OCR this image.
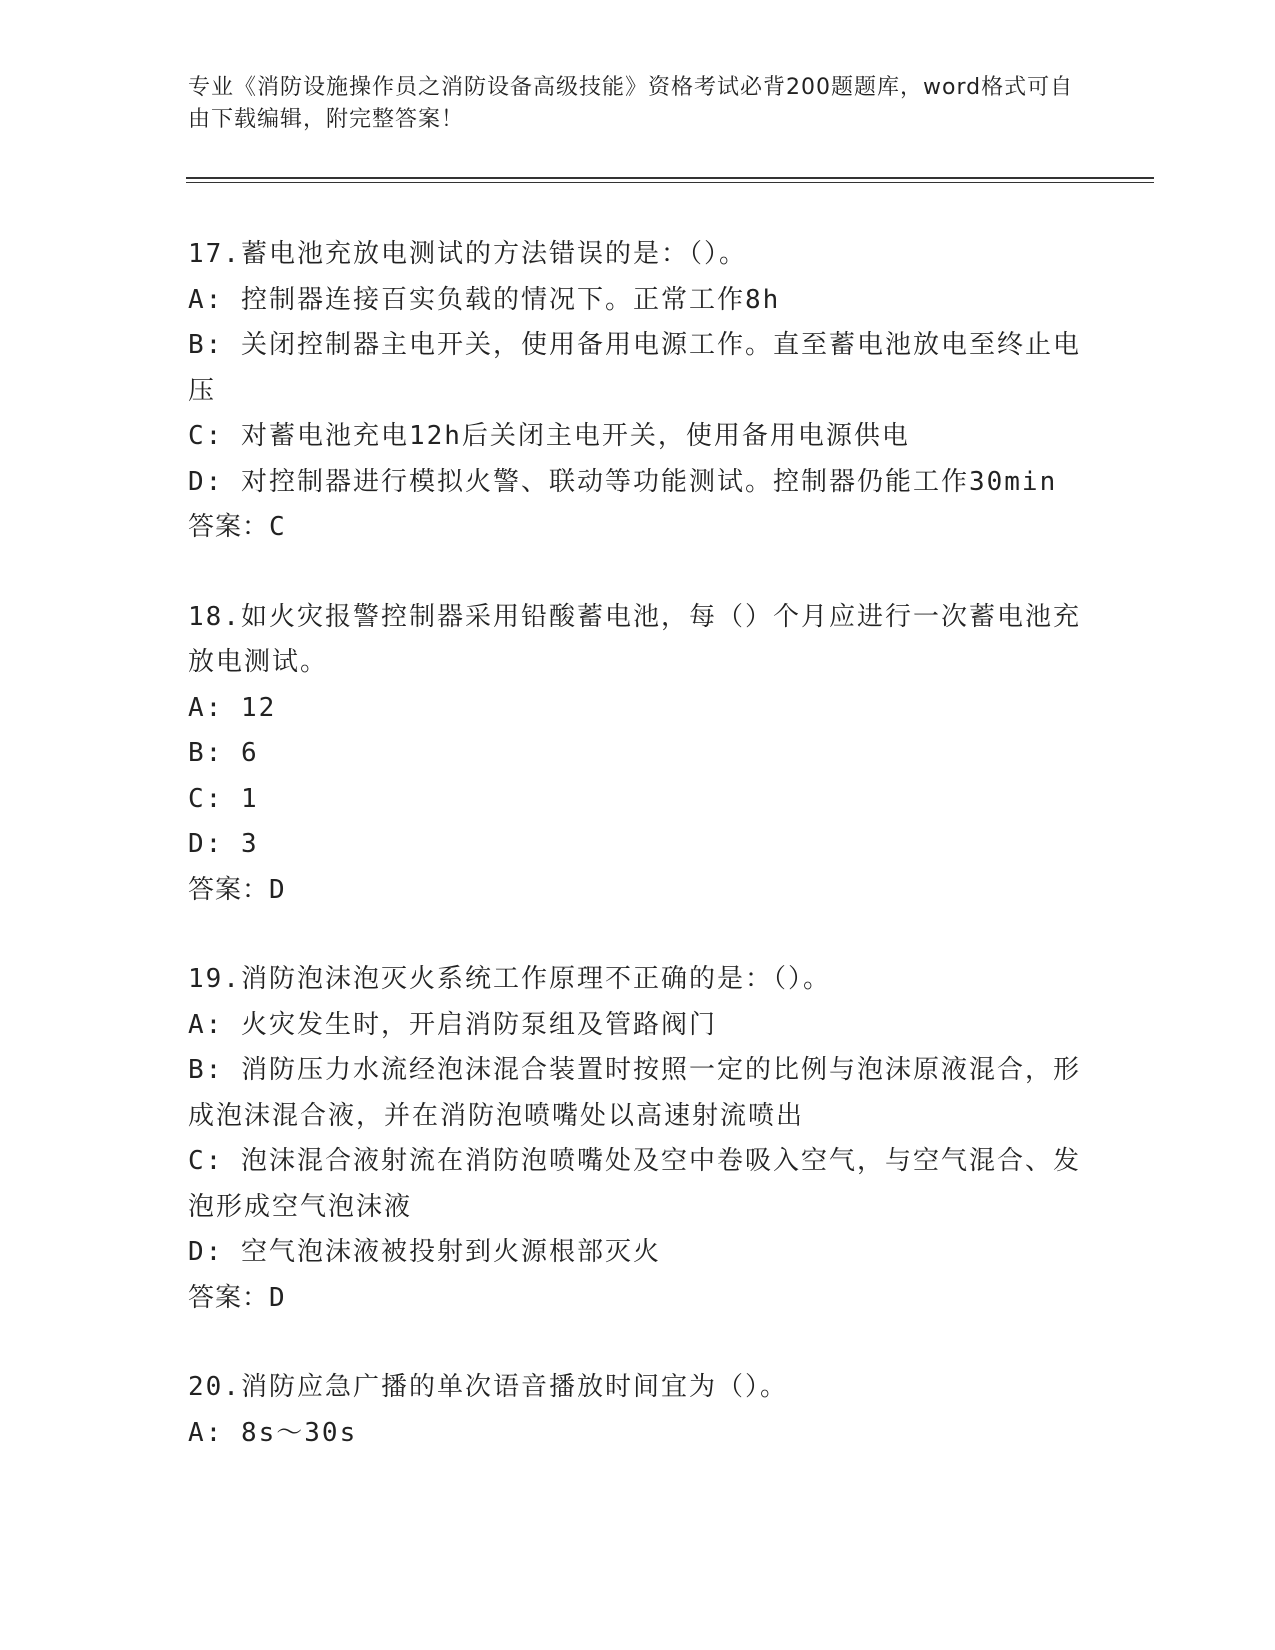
专业《消防设施操作员之消防设备高级技能》资格考试必背200题题库，word格式可自由下载编辑，附完整答案！
17.蓄电池充放电测试的方法错误的是：（）。
A: 控制器连接百实负载的情况下。正常工作8h
B: 关闭控制器主电开关，使用备用电源工作。直至蓄电池放电至终止电压
C: 对蓄电池充电12h后关闭主电开关，使用备用电源供电
D: 对控制器进行模拟火警、联动等功能测试。控制器仍能工作30min
答案：C
18.如火灾报警控制器采用铅酸蓄电池，每（）个月应进行一次蓄电池充放电测试。
A: 12
B: 6
C: 1
D: 3
答案：D
19.消防泡沫泡灭火系统工作原理不正确的是：（）。
A: 火灾发生时，开启消防泵组及管路阀门
B: 消防压力水流经泡沫混合装置时按照一定的比例与泡沫原液混合，形成泡沫混合液，并在消防泡喷嘴处以高速射流喷出
C: 泡沫混合液射流在消防泡喷嘴处及空中卷吸入空气，与空气混合、发泡形成空气泡沫液
D: 空气泡沫液被投射到火源根部灭火
答案：D
20.消防应急广播的单次语音播放时间宜为（）。
A: 8s～30s
